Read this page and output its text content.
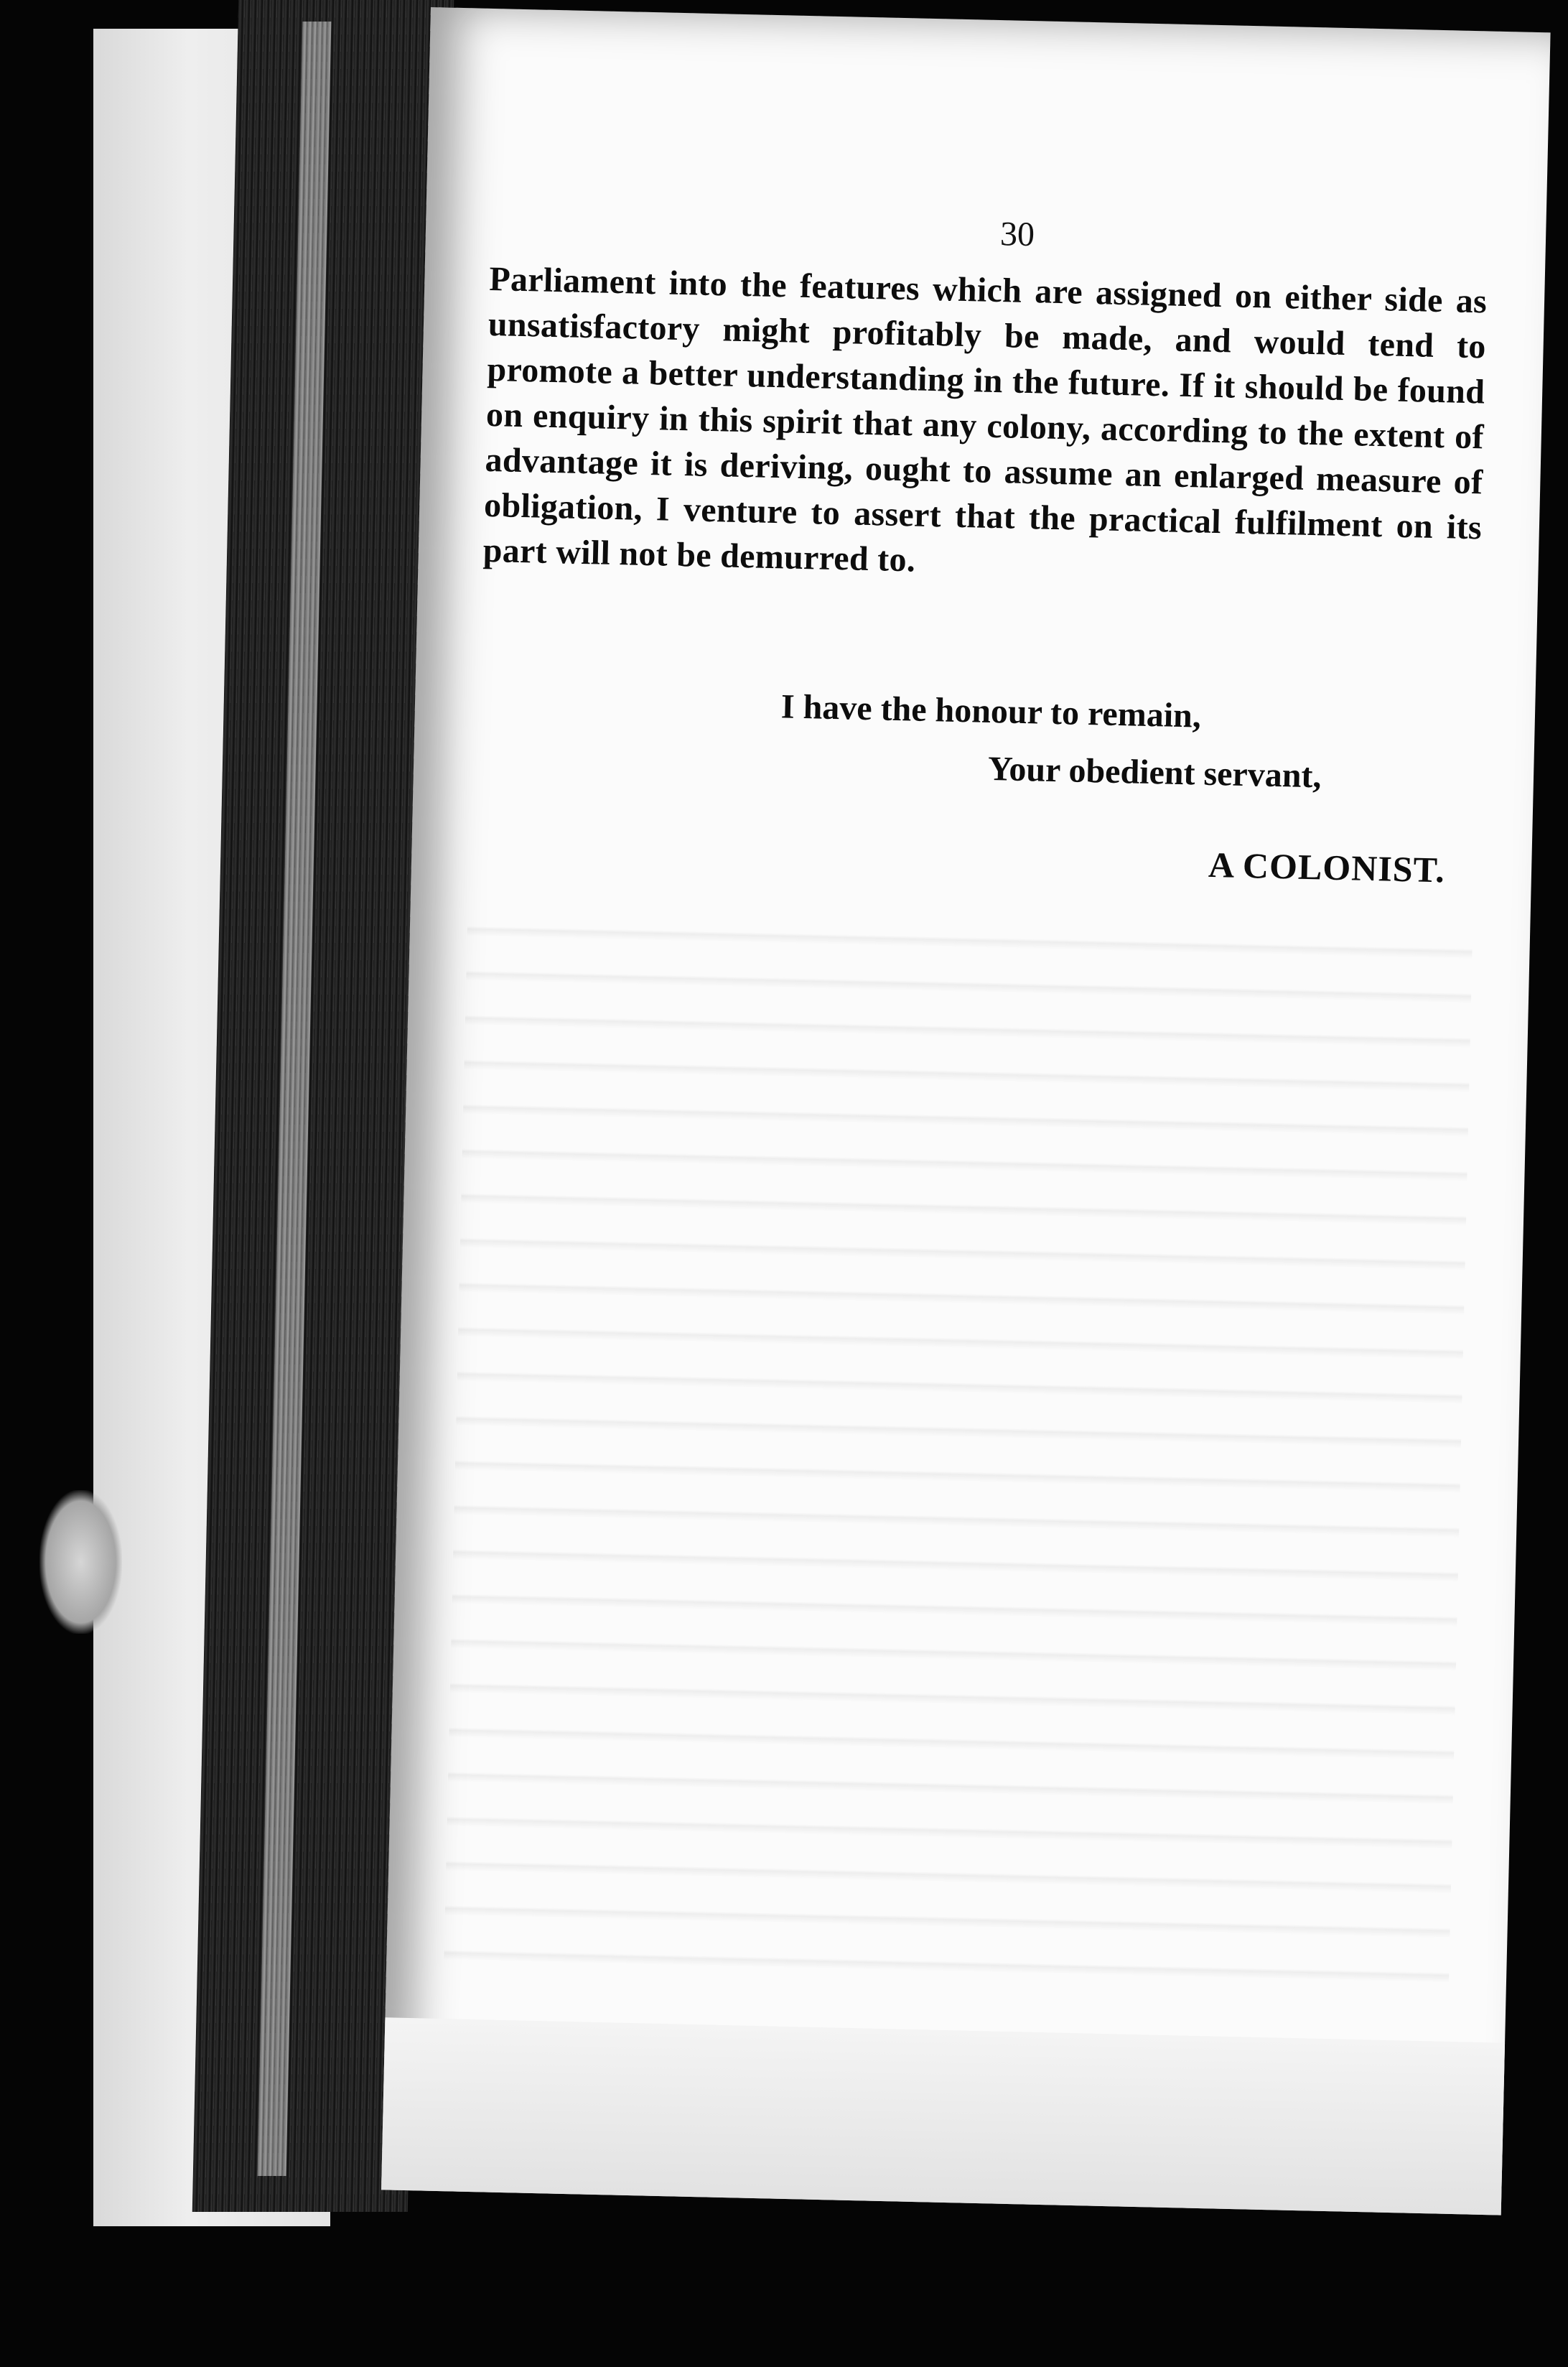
30
Parliament into the features which are assigned on either side as unsatisfactory might profitably be made, and would tend to promote a better understanding in the future. If it should be found on enquiry in this spirit that any colony, according to the extent of advantage it is deriving, ought to assume an enlarged measure of obligation, I venture to assert that the practical fulfilment on its part will not be demurred to.
I have the honour to remain,
Your obedient servant,
A COLONIST.
